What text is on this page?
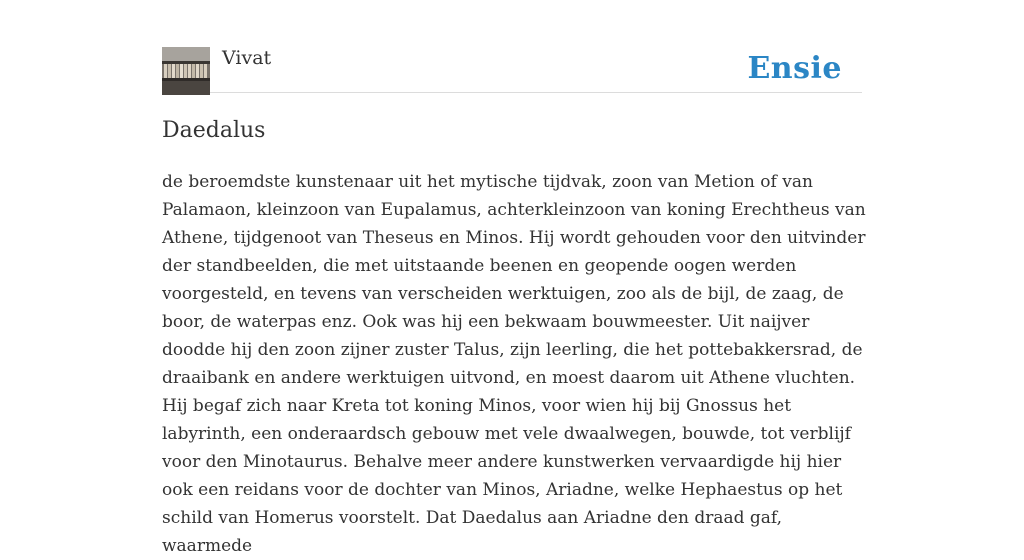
Vivat	Ensie
Daedalus

de beroemdste kunstenaar uit het mytische tijdvak, zoon van Metion of van Palamaon, kleinzoon van Eupalamus, achterkleinzoon van koning Erechtheus van Athene, tijdgenoot van Theseus en Minos. Hij wordt gehouden voor den uitvinder der standbeelden, die met uitstaande beenen en geopende oogen werden voorgesteld, en tevens van verscheiden werktuigen, zoo als de bijl, de zaag, de boor, de waterpas enz. Ook was hij een bekwaam bouwmeester. Uit naijver doodde hij den zoon zijner zuster Talus, zijn leerling, die het pottebakkersrad, de draaibank en andere werktuigen uitvond, en moest daarom uit Athene vluchten. Hij begaf zich naar Kreta tot koning Minos, voor wien hij bij Gnossus het labyrinth, een onderaardsch gebouw met vele dwaalwegen, bouwde, tot verblijf voor den Minotaurus. Behalve meer andere kunstwerken vervaardigde hij hier ook een reidans voor de dochter van Minos, Ariadne, welke Hephaestus op het schild van Homerus voorstelt. Dat Daedalus aan Ariadne den draad gaf, waarmede
